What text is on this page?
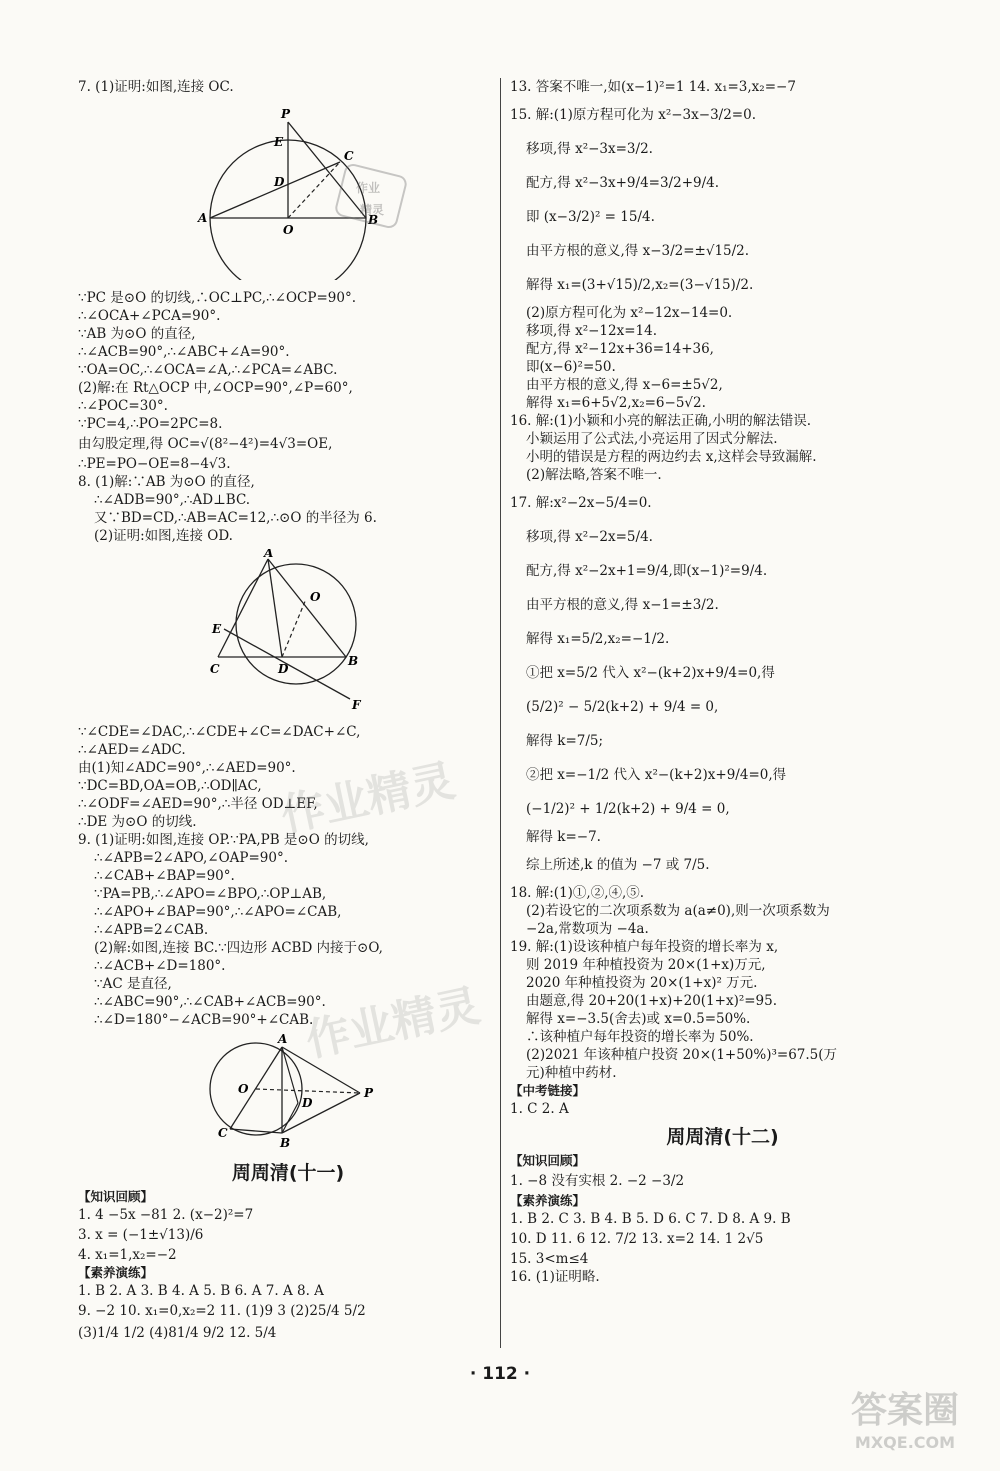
7. (1)证明:如图,连接 OC.

P
E
C
D
A
O
B
作业
精灵

∵PC 是⊙O 的切线,∴OC⊥PC,∴∠OCP=90°.

∴∠OCA+∠PCA=90°.

∵AB 为⊙O 的直径,

∴∠ACB=90°,∴∠ABC+∠A=90°.

∵OA=OC,∴∠OCA=∠A,∴∠PCA=∠ABC.

(2)解:在 Rt△OCP 中,∠OCP=90°,∠P=60°,

∴∠POC=30°.

∵PC=4,∴PO=2PC=8.

由勾股定理,得 OC=√(8²−4²)=4√3=OE,

∴PE=PO−OE=8−4√3.

8. (1)解:∵AB 为⊙O 的直径,

∴∠ADB=90°,∴AD⊥BC.

又∵BD=CD,∴AB=AC=12,∴⊙O 的半径为 6.

(2)证明:如图,连接 OD.

A
O
E
C	D
B
F

∵∠CDE=∠DAC,∴∠CDE+∠C=∠DAC+∠C,

∴∠AED=∠ADC.

由(1)知∠ADC=90°,∴∠AED=90°.

∵DC=BD,OA=OB,∴OD∥AC,

∴∠ODF=∠AED=90°,∴半径 OD⊥EF,

∴DE 为⊙O 的切线.

9. (1)证明:如图,连接 OP.∵PA,PB 是⊙O 的切线,

∴∠APB=2∠APO,∠OAP=90°.

∴∠CAB+∠BAP=90°.

∵PA=PB,∴∠APO=∠BPO,∴OP⊥AB,

∴∠APO+∠BAP=90°,∴∠APO=∠CAB,

∴∠APB=2∠CAB.

(2)解:如图,连接 BC.∵四边形 ACBD 内接于⊙O,

∴∠ACB+∠D=180°.

∵AC 是直径,

∴∠ABC=90°,∴∠CAB+∠ACB=90°.

∴∠D=180°−∠ACB=90°+∠CAB.

A
O
D
P
C
B
周周清(十一)

【知识回顾】

1. 4 −5x −81 2. (x−2)²=7

3. x = (−1±√13)/6

4. x₁=1,x₂=−2

【素养演练】

1. B 2. A 3. B 4. A 5. B 6. A 7. A 8. A

9. −2 10. x₁=0,x₂=2 11. (1)9 3 (2)25/4 5/2

(3)1/4 1/2 (4)81/4 9/2 12. 5/4

13. 答案不唯一,如(x−1)²=1 14. x₁=3,x₂=−7

15. 解:(1)原方程可化为 x²−3x−3/2=0.

移项,得 x²−3x=3/2.

配方,得 x²−3x+9/4=3/2+9/4.

即 (x−3/2)² = 15/4.

由平方根的意义,得 x−3/2=±√15/2.

解得 x₁=(3+√15)/2,x₂=(3−√15)/2.

(2)原方程可化为 x²−12x−14=0.

移项,得 x²−12x=14.

配方,得 x²−12x+36=14+36,

即(x−6)²=50.

由平方根的意义,得 x−6=±5√2,

解得 x₁=6+5√2,x₂=6−5√2.

16. 解:(1)小颖和小亮的解法正确,小明的解法错误.

小颖运用了公式法,小亮运用了因式分解法.

小明的错误是方程的两边约去 x,这样会导致漏解.

(2)解法略,答案不唯一.

17. 解:x²−2x−5/4=0.

移项,得 x²−2x=5/4.

配方,得 x²−2x+1=9/4,即(x−1)²=9/4.

由平方根的意义,得 x−1=±3/2.

解得 x₁=5/2,x₂=−1/2.

①把 x=5/2 代入 x²−(k+2)x+9/4=0,得

(5/2)² − 5/2(k+2) + 9/4 = 0,

解得 k=7/5;

②把 x=−1/2 代入 x²−(k+2)x+9/4=0,得

(−1/2)² + 1/2(k+2) + 9/4 = 0,

解得 k=−7.

综上所述,k 的值为 −7 或 7/5.

18. 解:(1)①,②,④,⑤.

(2)若设它的二次项系数为 a(a≠0),则一次项系数为

−2a,常数项为 −4a.

19. 解:(1)设该种植户每年投资的增长率为 x,

则 2019 年种植投资为 20×(1+x)万元,

2020 年种植投资为 20×(1+x)² 万元.

由题意,得 20+20(1+x)+20(1+x)²=95.

解得 x=−3.5(舍去)或 x=0.5=50%.

∴该种植户每年投资的增长率为 50%.

(2)2021 年该种植户投资 20×(1+50%)³=67.5(万

元)种植中药材.

【中考链接】

1. C 2. A

周周清(十二)

【知识回顾】

1. −8 没有实根 2. −2 −3/2

【素养演练】

1. B 2. C 3. B 4. B 5. D 6. C 7. D 8. A 9. B

10. D 11. 6 12. 7/2 13. x=2 14. 1 2√5

15. 3<m≤4

16. (1)证明略.

作业精灵
作业精灵
· 112 ·
答案圈
MXQE.COM
